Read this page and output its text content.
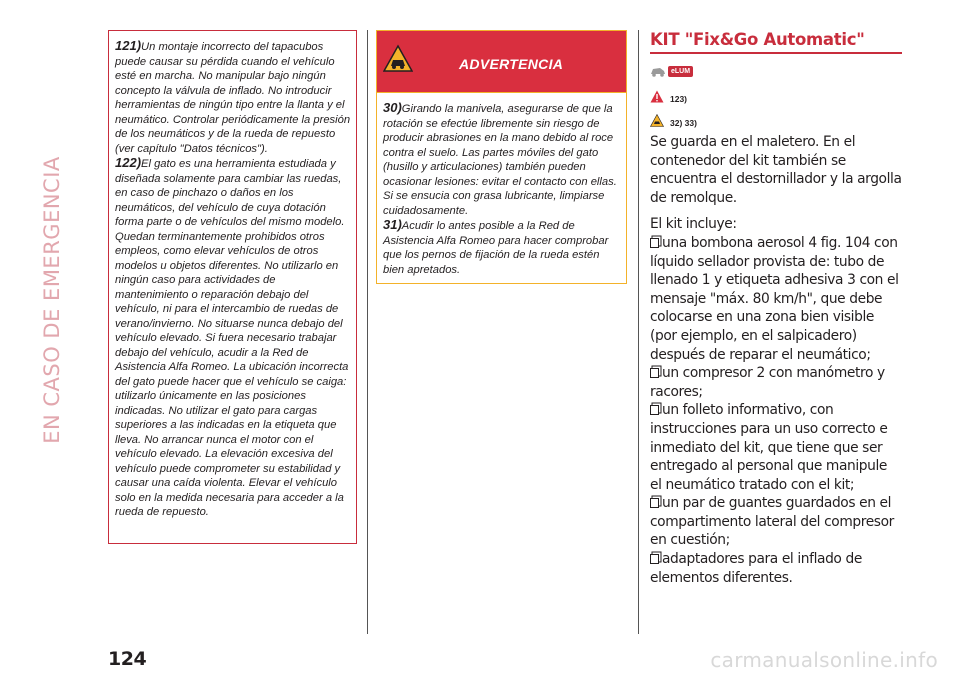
EN CASO DE EMERGENCIA

121)Un montaje incorrecto del tapacubos puede causar su pérdida cuando el vehículo esté en marcha. No manipular bajo ningún concepto la válvula de inflado. No introducir herramientas de ningún tipo entre la llanta y el neumático. Controlar periódicamente la presión de los neumáticos y de la rueda de repuesto (ver capítulo "Datos técnicos").

122)El gato es una herramienta estudiada y diseñada solamente para cambiar las ruedas, en caso de pinchazo o daños en los neumáticos, del vehículo de cuya dotación forma parte o de vehículos del mismo modelo. Quedan terminantemente prohibidos otros empleos, como elevar vehículos de otros modelos u objetos diferentes. No utilizarlo en ningún caso para actividades de mantenimiento o reparación debajo del vehículo, ni para el intercambio de ruedas de verano/invierno. No situarse nunca debajo del vehículo elevado. Si fuera necesario trabajar debajo del vehículo, acudir a la Red de Asistencia Alfa Romeo. La ubicación incorrecta del gato puede hacer que el vehículo se caiga: utilizarlo únicamente en las posiciones indicadas. No utilizar el gato para cargas superiores a las indicadas en la etiqueta que lleva. No arrancar nunca el motor con el vehículo elevado. La elevación excesiva del vehículo puede comprometer su estabilidad y causar una caída violenta. Elevar el vehículo solo en la medida necesaria para acceder a la rueda de repuesto.

ADVERTENCIA

30)Girando la manivela, asegurarse de que la rotación se efectúe libremente sin riesgo de producir abrasiones en la mano debido al roce contra el suelo. Las partes móviles del gato (husillo y articulaciones) también pueden ocasionar lesiones: evitar el contacto con ellas. Si se ensucia con grasa lubricante, limpiarse cuidadosamente.

31)Acudir lo antes posible a la Red de Asistencia Alfa Romeo para hacer comprobar que los pernos de fijación de la rueda estén bien apretados.

KIT "Fix&Go Automatic"
eLUM
123)
32) 33)

Se guarda en el maletero. En el contenedor del kit también se encuentra el destornillador y la argolla de remolque.

El kit incluye:

una bombona aerosol 4 fig. 104 con líquido sellador provista de: tubo de llenado 1 y etiqueta adhesiva 3 con el mensaje "máx. 80 km/h", que debe colocarse en una zona bien visible (por ejemplo, en el salpicadero) después de reparar el neumático;

un compresor 2 con manómetro y racores;

un folleto informativo, con instrucciones para un uso correcto e inmediato del kit, que tiene que ser entregado al personal que manipule el neumático tratado con el kit;

un par de guantes guardados en el compartimento lateral del compresor en cuestión;

adaptadores para el inflado de elementos diferentes.

124	carmanualsonline.info
